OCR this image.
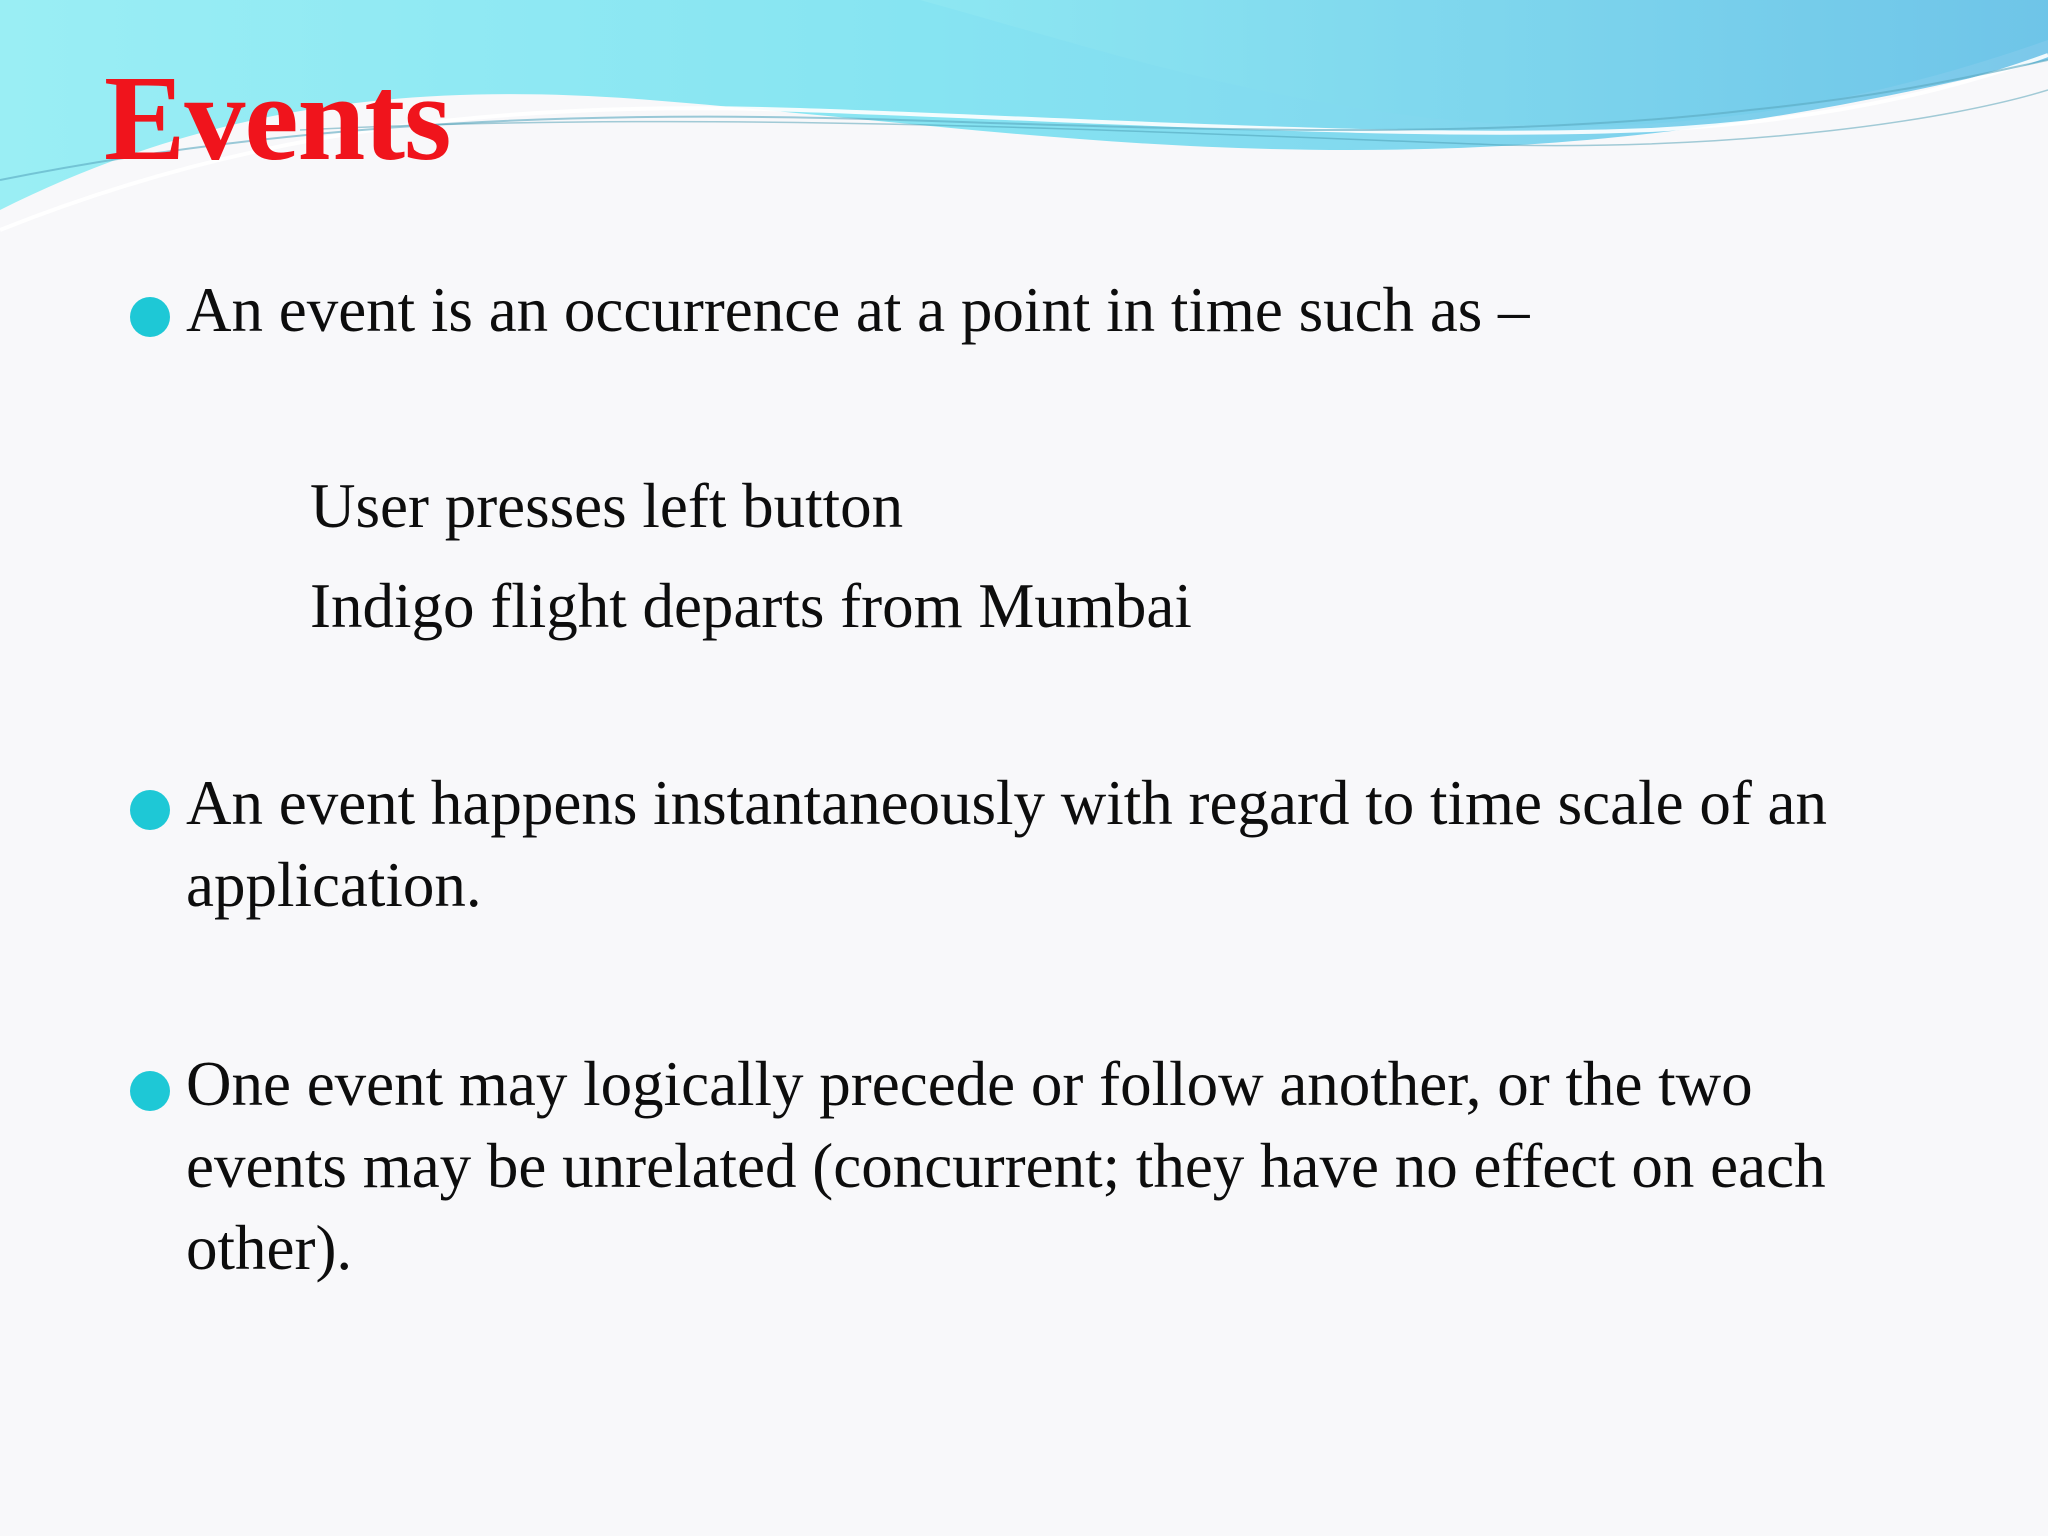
Events
An event is an occurrence at a point in time such as –
User presses left button
Indigo flight departs from Mumbai
An event happens instantaneously with regard to time scale of an application.
One event may logically precede or follow another, or the two events may be unrelated (concurrent; they have no effect on each other).
